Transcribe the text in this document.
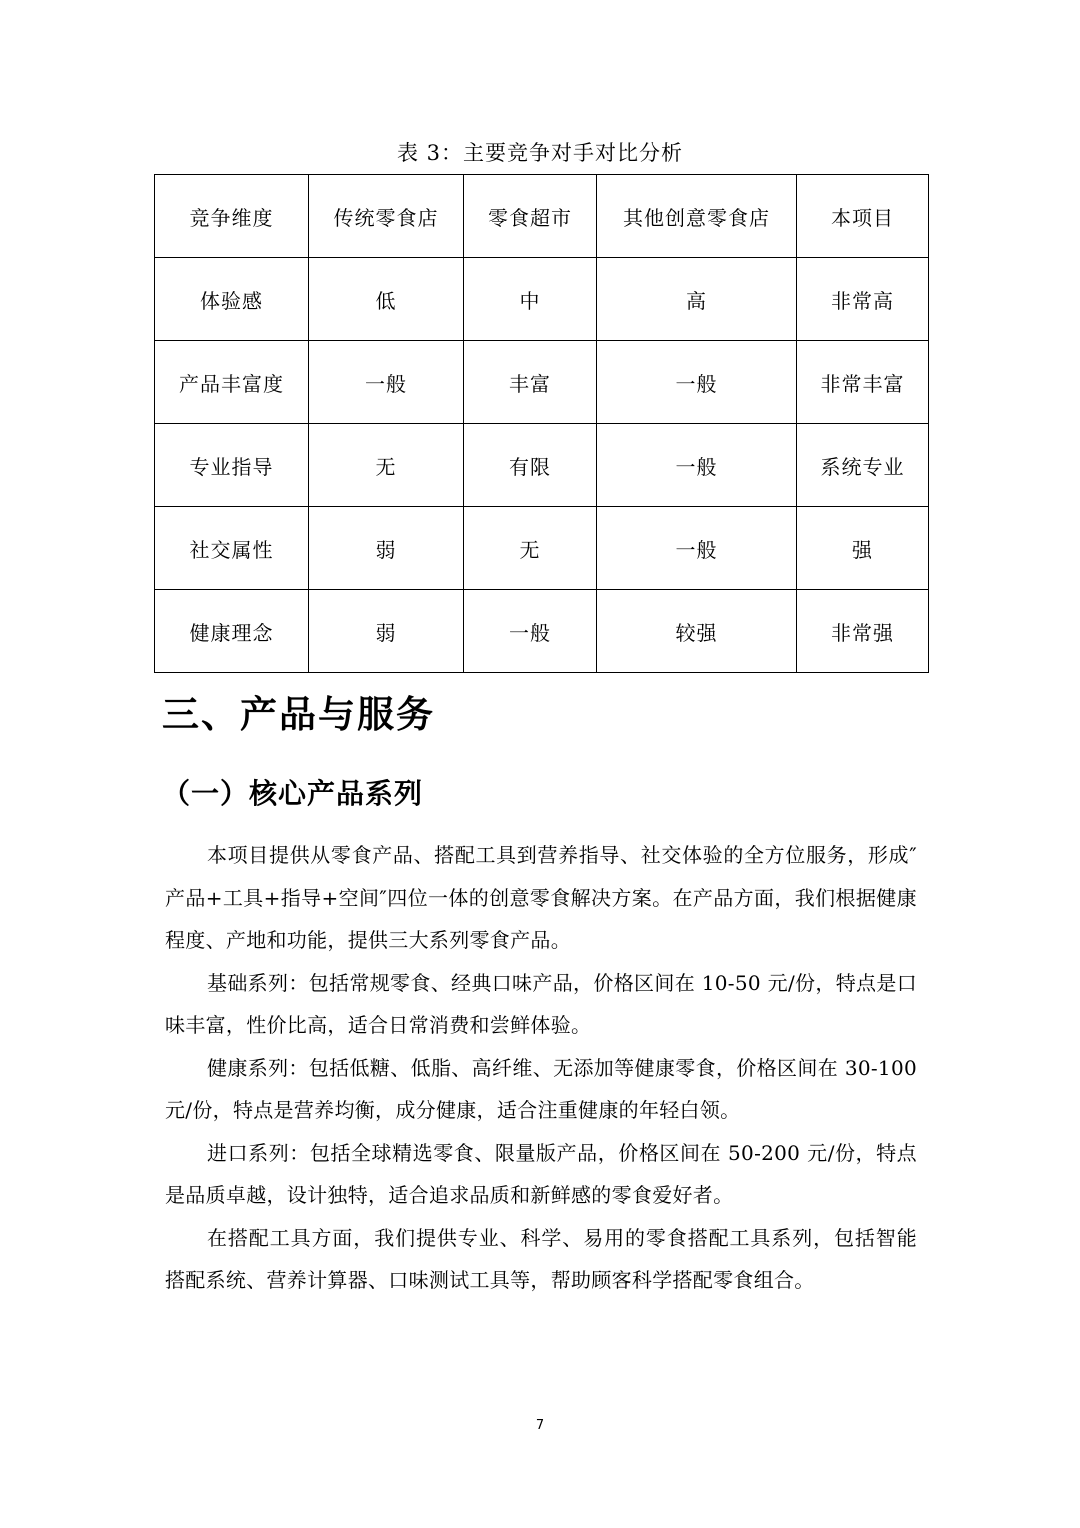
表 3：主要竞争对手对比分析
竞争维度	传统零食店	零食超市	其他创意零食店	本项目
体验感	低	中	高	非常高
产品丰富度	一般	丰富	一般	非常丰富
专业指导	无	有限	一般	系统专业
社交属性	弱	无	一般	强
健康理念	弱	一般	较强	非常强
三、产品与服务
（一）核心产品系列

本项目提供从零食产品、搭配工具到营养指导、社交体验的全方位服务，形成″产品+工具+指导+空间″四位一体的创意零食解决方案。在产品方面，我们根据健康程度、产地和功能，提供三大系列零食产品。

基础系列：包括常规零食、经典口味产品，价格区间在 10-50 元/份，特点是口味丰富，性价比高，适合日常消费和尝鲜体验。

健康系列：包括低糖、低脂、高纤维、无添加等健康零食，价格区间在 30-100 元/份，特点是营养均衡，成分健康，适合注重健康的年轻白领。

进口系列：包括全球精选零食、限量版产品，价格区间在 50-200 元/份，特点是品质卓越，设计独特，适合追求品质和新鲜感的零食爱好者。

在搭配工具方面，我们提供专业、科学、易用的零食搭配工具系列，包括智能搭配系统、营养计算器、口味测试工具等，帮助顾客科学搭配零食组合。

7
